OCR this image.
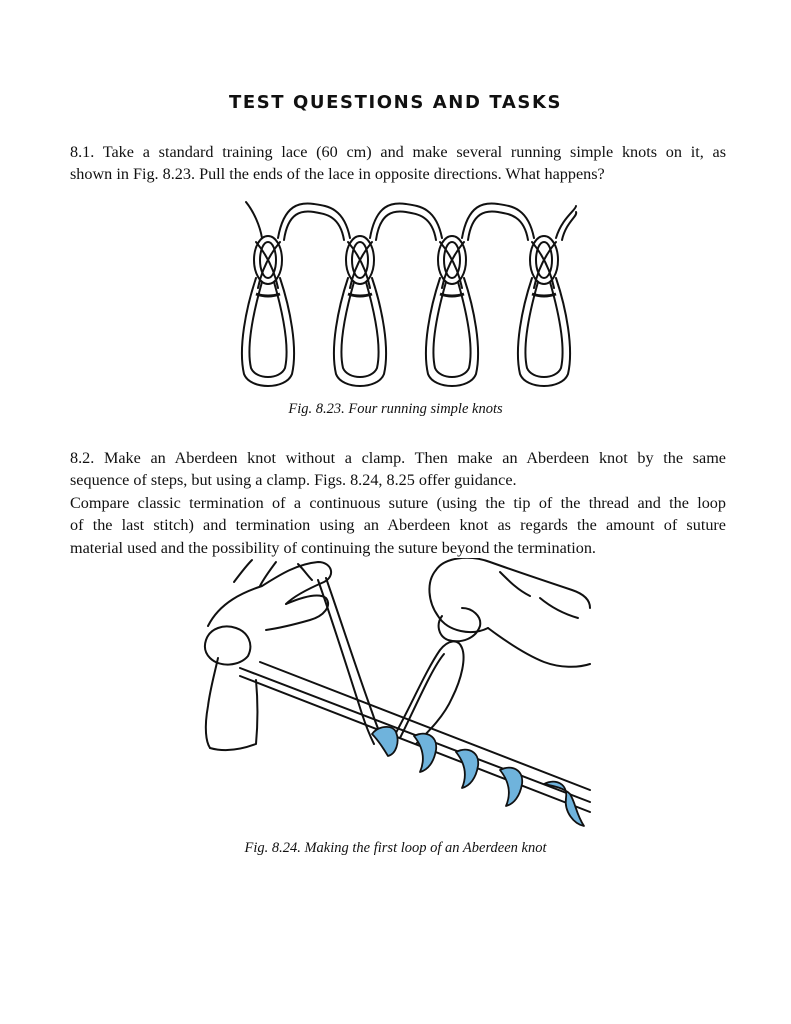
TEST QUESTIONS AND TASKS
8.1. Take a standard training lace (60 cm) and make several running simple knots on it, as
shown in Fig. 8.23. Pull the ends of the lace in opposite directions. What happens?
Fig. 8.23. Four running simple knots
8.2. Make an Aberdeen knot without a clamp. Then make an Aberdeen knot by the same
sequence of steps, but using a clamp. Figs. 8.24, 8.25 offer guidance.
Compare classic termination of a continuous suture (using the tip of the thread and the loop
of the last stitch) and termination using an Aberdeen knot as regards the amount of suture
material used and the possibility of continuing the suture beyond the termination.
Fig. 8.24. Making the first loop of an Aberdeen knot
